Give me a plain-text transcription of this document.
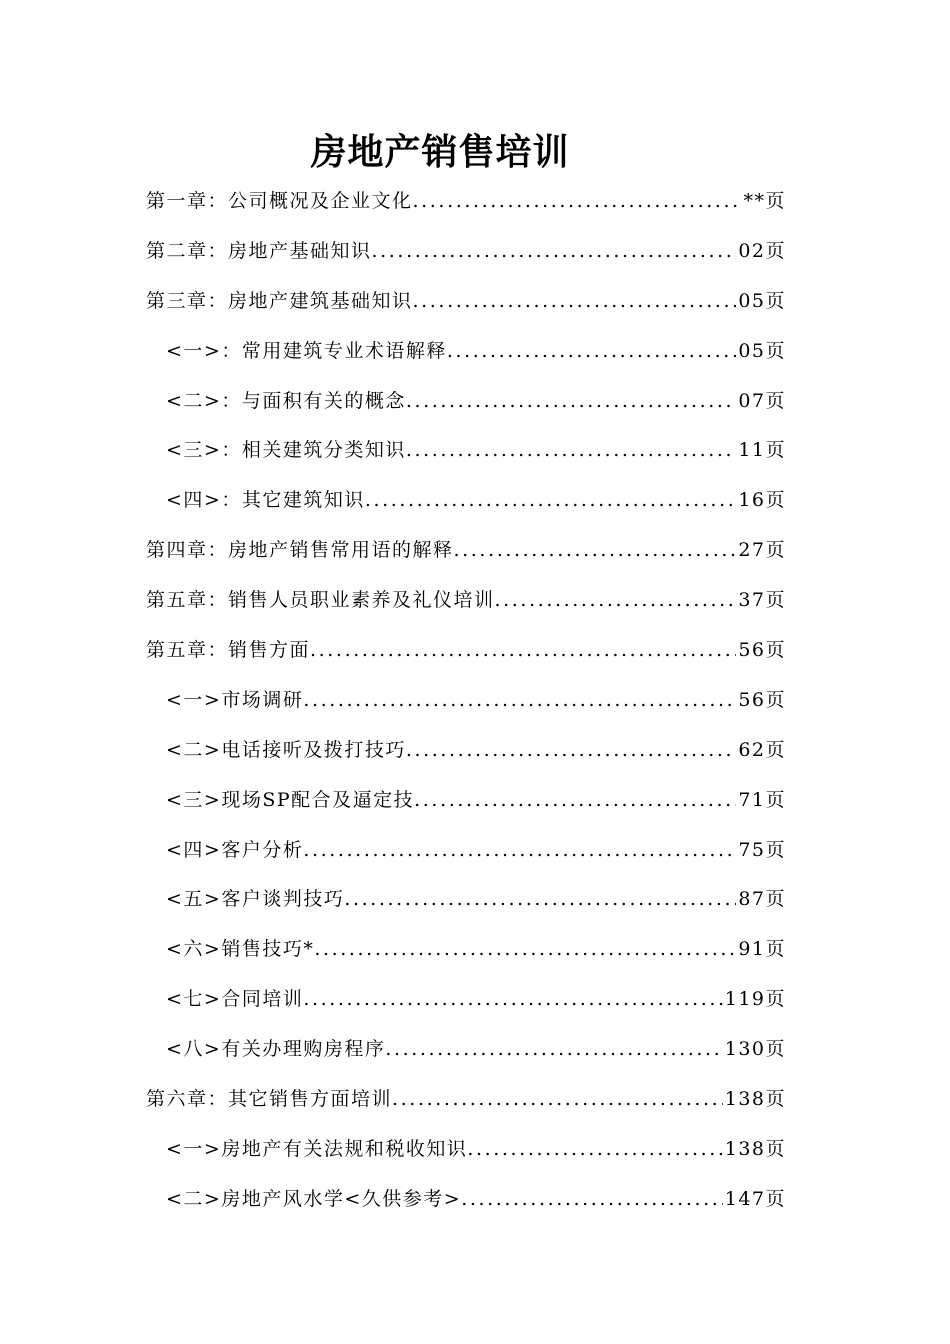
房地产销售培训
第一章：公司概况及企业文化 .....	**页
第二章：房地产基础知识 .....	02页
第三章：房地产建筑基础知识 .....	05页
<一>：常用建筑专业术语解释 .....	05页
<二>：与面积有关的概念 .....	07页
<三>：相关建筑分类知识 .....	11页
<四>：其它建筑知识 .....	16页
第四章：房地产销售常用语的解释 .....	27页
第五章：销售人员职业素养及礼仪培训 .....	37页
第五章：销售方面 .....	56页
<一>市场调研 .....	56页
<二>电话接听及拨打技巧 .....	62页
<三>现场SP配合及逼定技 .....	71页
<四>客户分析 .....	75页
<五>客户谈判技巧 .....	87页
<六>销售技巧* .....	91页
<七>合同培训 .....	119页
<八>有关办理购房程序 .....	130页
第六章：其它销售方面培训 .....	138页
<一>房地产有关法规和税收知识 .....	138页
<二>房地产风水学<久供参考> .....	147页
